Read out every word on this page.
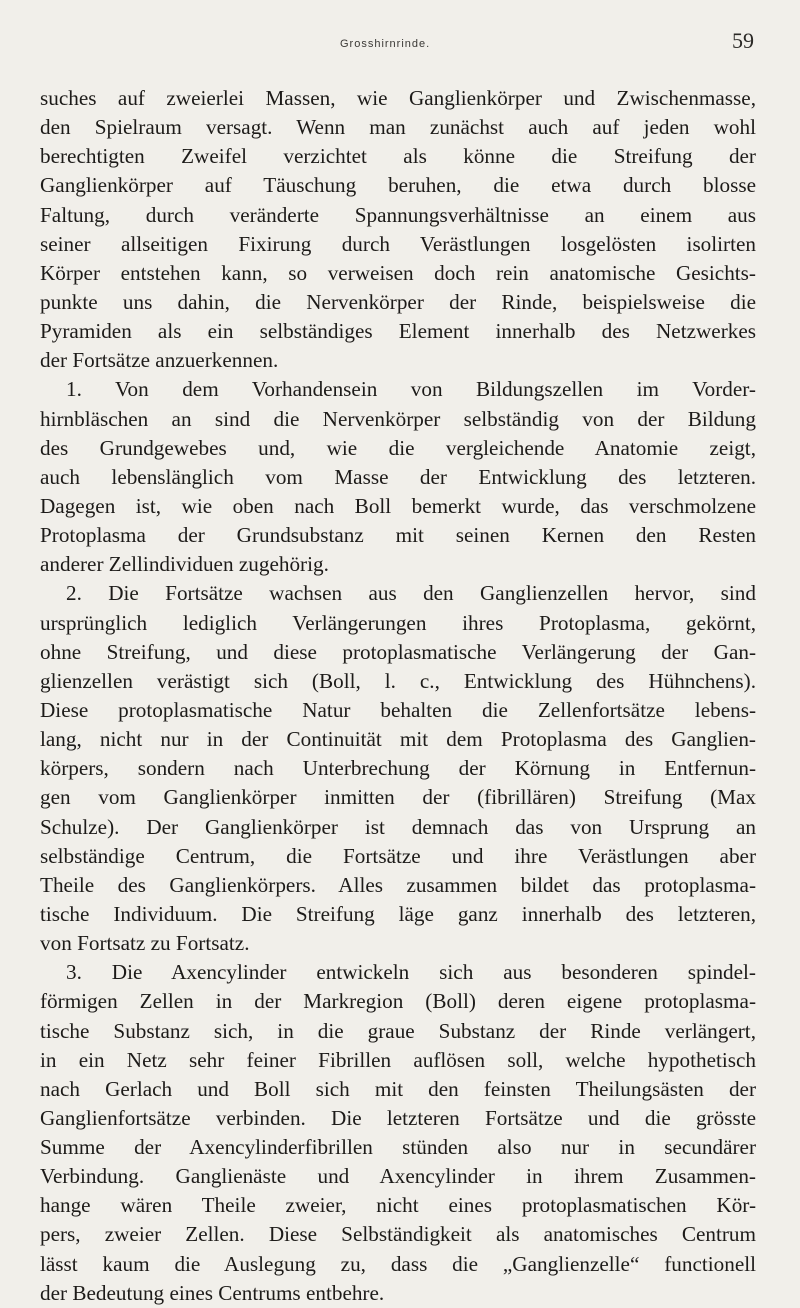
Grosshirnrinde.	59
suches auf zweierlei Massen, wie Ganglienkörper und Zwischenmasse,
den Spielraum versagt. Wenn man zunächst auch auf jeden wohl
berechtigten Zweifel verzichtet als könne die Streifung der
Ganglienkörper auf Täuschung beruhen, die etwa durch blosse
Faltung, durch veränderte Spannungsverhältnisse an einem aus
seiner allseitigen Fixirung durch Verästlungen losgelösten isolirten
Körper entstehen kann, so verweisen doch rein anatomische Gesichts-
punkte uns dahin, die Nervenkörper der Rinde, beispielsweise die
Pyramiden als ein selbständiges Element innerhalb des Netzwerkes
der Fortsätze anzuerkennen.
1. Von dem Vorhandensein von Bildungszellen im Vorder-
hirnbläschen an sind die Nervenkörper selbständig von der Bildung
des Grundgewebes und, wie die vergleichende Anatomie zeigt,
auch lebenslänglich vom Masse der Entwicklung des letzteren.
Dagegen ist, wie oben nach Boll bemerkt wurde, das verschmolzene
Protoplasma der Grundsubstanz mit seinen Kernen den Resten
anderer Zellindividuen zugehörig.
2. Die Fortsätze wachsen aus den Ganglienzellen hervor, sind
ursprünglich lediglich Verlängerungen ihres Protoplasma, gekörnt,
ohne Streifung, und diese protoplasmatische Verlängerung der Gan-
glienzellen verästigt sich (Boll, l. c., Entwicklung des Hühnchens).
Diese protoplasmatische Natur behalten die Zellenfortsätze lebens-
lang, nicht nur in der Continuität mit dem Protoplasma des Ganglien-
körpers, sondern nach Unterbrechung der Körnung in Entfernun-
gen vom Ganglienkörper inmitten der (fibrillären) Streifung (Max
Schulze). Der Ganglienkörper ist demnach das von Ursprung an
selbständige Centrum, die Fortsätze und ihre Verästlungen aber
Theile des Ganglienkörpers. Alles zusammen bildet das protoplasma-
tische Individuum. Die Streifung läge ganz innerhalb des letzteren,
von Fortsatz zu Fortsatz.
3. Die Axencylinder entwickeln sich aus besonderen spindel-
förmigen Zellen in der Markregion (Boll) deren eigene protoplasma-
tische Substanz sich, in die graue Substanz der Rinde verlängert,
in ein Netz sehr feiner Fibrillen auflösen soll, welche hypothetisch
nach Gerlach und Boll sich mit den feinsten Theilungsästen der
Ganglienfortsätze verbinden. Die letzteren Fortsätze und die grösste
Summe der Axencylinderfibrillen stünden also nur in secundärer
Verbindung. Ganglienäste und Axencylinder in ihrem Zusammen-
hange wären Theile zweier, nicht eines protoplasmatischen Kör-
pers, zweier Zellen. Diese Selbständigkeit als anatomisches Centrum
lässt kaum die Auslegung zu, dass die „Ganglienzelle“ functionell
der Bedeutung eines Centrums entbehre.
